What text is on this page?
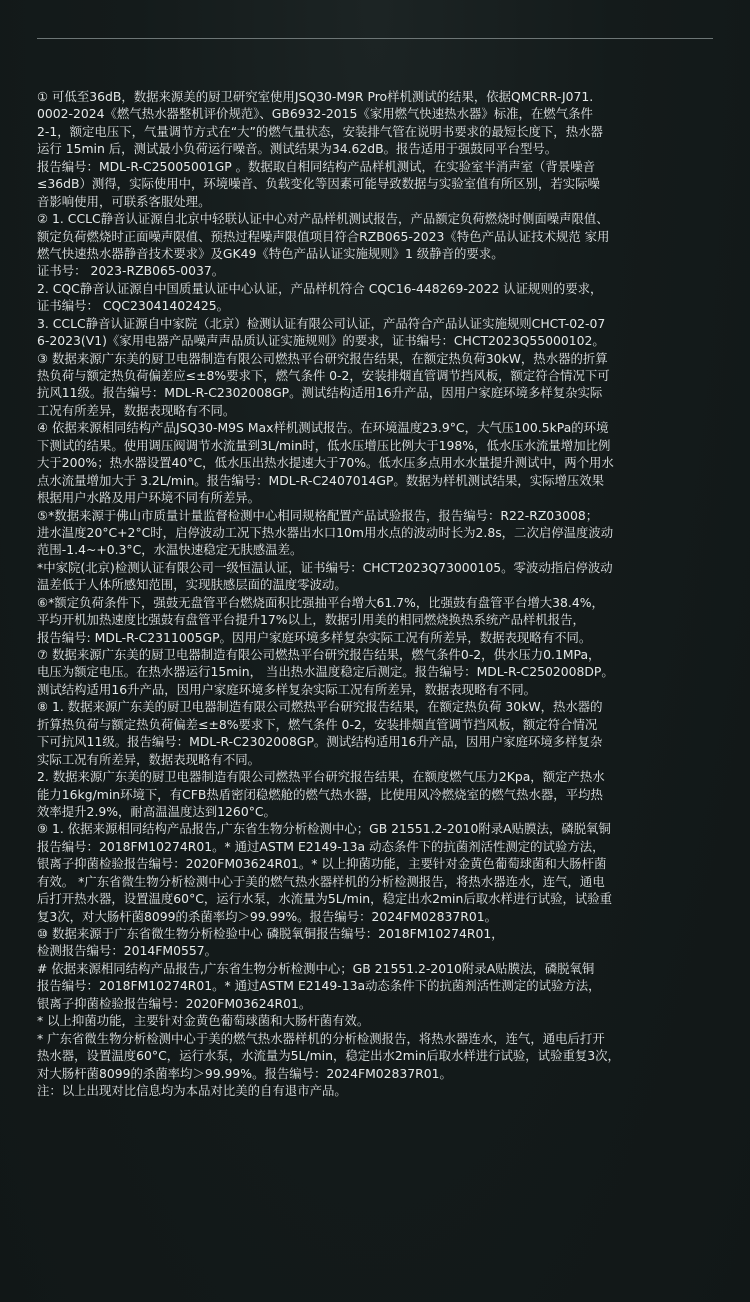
① 可低至36dB，数据来源美的厨卫研究室使用JSQ30-M9R Pro样机测试的结果，依据QMCRR-J071.
0002-2024《燃气热水器整机评价规范》、GB6932-2015《家用燃气快速热水器》标准，在燃气条件
2-1，额定电压下，气量调节方式在“大”的燃气量状态，安装排气管在说明书要求的最短长度下，热水器
运行 15min 后，测试最小负荷运行噪音。测试结果为34.62dB。报告适用于强鼓同平台型号。
报告编号：MDL-R-C25005001GP 。数据取自相同结构产品样机测试，在实验室半消声室（背景噪音
≤36dB）测得，实际使用中，环境噪音、负载变化等因素可能导致数据与实验室值有所区别，若实际噪
音影响使用，可联系客服处理。
② 1. CCLC静音认证源自北京中轻联认证中心对产品样机测试报告，产品额定负荷燃烧时侧面噪声限值、
额定负荷燃烧时正面噪声限值、预热过程噪声限值项目符合RZB065-2023《特色产品认证技术规范 家用
燃气快速热水器静音技术要求》及GK49《特色产品认证实施规则》1 级静音的要求。
证书号： 2023-RZB065-0037。
2. CQC静音认证源自中国质量认证中心认证，产品样机符合 CQC16-448269-2022 认证规则的要求，
证书编号： CQC23041402425。
3. CCLC静音认证源自中家院（北京）检测认证有限公司认证，产品符合产品认证实施规则CHCT-02-07
6-2023(V1)《家用电器产品噪声声品质认证实施规则》的要求，证书编号：CHCT2023Q55000102。
③ 数据来源广东美的厨卫电器制造有限公司燃热平台研究报告结果，在额定热负荷30kW，热水器的折算
热负荷与额定热负荷偏差应≤±8%要求下，燃气条件 0-2，安装排烟直管调节挡风板，额定符合情况下可
抗风11级。报告编号：MDL-R-C2302008GP。测试结构适用16升产品，因用户家庭环境多样复杂实际
工况有所差异，数据表现略有不同。
④ 依据来源相同结构产品JSQ30-M9S Max样机测试报告。在环境温度23.9°C，大气压100.5kPa的环境
下测试的结果。使用调压阀调节水流量到3L/min时，低水压增压比例大于198%，低水压水流量增加比例
大于200%；热水器设置40°C，低水压出热水提速大于70%。低水压多点用水水量提升测试中，两个用水
点水流量增加大于 3.2L/min。报告编号：MDL-R-C2407014GP。数据为样机测试结果，实际增压效果
根据用户水路及用户环境不同有所差异。
⑤*数据来源于佛山市质量计量监督检测中心相同规格配置产品试验报告，报告编号：R22-RZ03008；
进水温度20°C+2°C时，启停波动工况下热水器出水口10m用水点的波动时长为2.8s，二次启停温度波动
范围-1.4~+0.3°C，水温快速稳定无肤感温差。
*中家院(北京)检测认证有限公司一级恒温认证，证书编号：CHCT2023Q73000105。零波动指启停波动
温差低于人体所感知范围，实现肤感层面的温度零波动。
⑥*额定负荷条件下，强鼓无盘管平台燃烧面积比强抽平台增大61.7%，比强鼓有盘管平台增大38.4%，
平均开机加热速度比强鼓有盘管平台提升17%以上，数据引用美的相同燃烧换热系统产品样机报告，
报告编号: MDL-R-C2311005GP。因用户家庭环境多样复杂实际工况有所差异，数据表现略有不同。
⑦ 数据来源广东美的厨卫电器制造有限公司燃热平台研究报告结果，燃气条件0-2，供水压力0.1MPa，
电压为额定电压。在热水器运行15min， 当出热水温度稳定后测定。报告编号：MDL-R-C2502008DP。
测试结构适用16升产品，因用户家庭环境多样复杂实际工况有所差异，数据表现略有不同。
⑧ 1. 数据来源广东美的厨卫电器制造有限公司燃热平台研究报告结果，在额定热负荷 30kW，热水器的
折算热负荷与额定热负荷偏差≤±8%要求下，燃气条件 0-2，安装排烟直管调节挡风板，额定符合情况
下可抗风11级。报告编号：MDL-R-C2302008GP。测试结构适用16升产品，因用户家庭环境多样复杂
实际工况有所差异，数据表现略有不同。
2. 数据来源广东美的厨卫电器制造有限公司燃热平台研究报告结果，在额度燃气压力2Kpa，额定产热水
能力16kg/min环境下，有CFB热盾密闭稳燃舱的燃气热水器，比使用风冷燃烧室的燃气热水器，平均热
效率提升2.9%，耐高温温度达到1260°C。
⑨ 1. 依据来源相同结构产品报告,广东省生物分析检测中心；GB 21551.2-2010附录A贴膜法，磷脱氧铜
报告编号：2018FM10274R01。* 通过ASTM E2149-13a 动态条件下的抗菌剂活性测定的试验方法，
银离子抑菌检验报告编号：2020FM03624R01。* 以上抑菌功能，主要针对金黄色葡萄球菌和大肠杆菌
有效。 *广东省微生物分析检测中心于美的燃气热水器样机的分析检测报告，将热水器连水，连气，通电
后打开热水器，设置温度60°C，运行水泵，水流量为5L/min，稳定出水2min后取水样进行试验，试验重
复3次，对大肠杆菌8099的杀菌率均＞99.99%。报告编号：2024FM02837R01。
⑩ 数据来源于广东省微生物分析检验中心 磷脱氧铜报告编号：2018FM10274R01，
检测报告编号：2014FM0557。
# 依据来源相同结构产品报告,广东省生物分析检测中心；GB 21551.2-2010附录A贴膜法，磷脱氧铜
报告编号：2018FM10274R01。* 通过ASTM E2149-13a动态条件下的抗菌剂活性测定的试验方法，
银离子抑菌检验报告编号：2020FM03624R01。
* 以上抑菌功能，主要针对金黄色葡萄球菌和大肠杆菌有效。
* 广东省微生物分析检测中心于美的燃气热水器样机的分析检测报告，将热水器连水，连气，通电后打开
热水器，设置温度60°C，运行水泵，水流量为5L/min，稳定出水2min后取水样进行试验，试验重复3次，
对大肠杆菌8099的杀菌率均＞99.99%。报告编号：2024FM02837R01。
注：以上出现对比信息均为本品对比美的自有退市产品。
